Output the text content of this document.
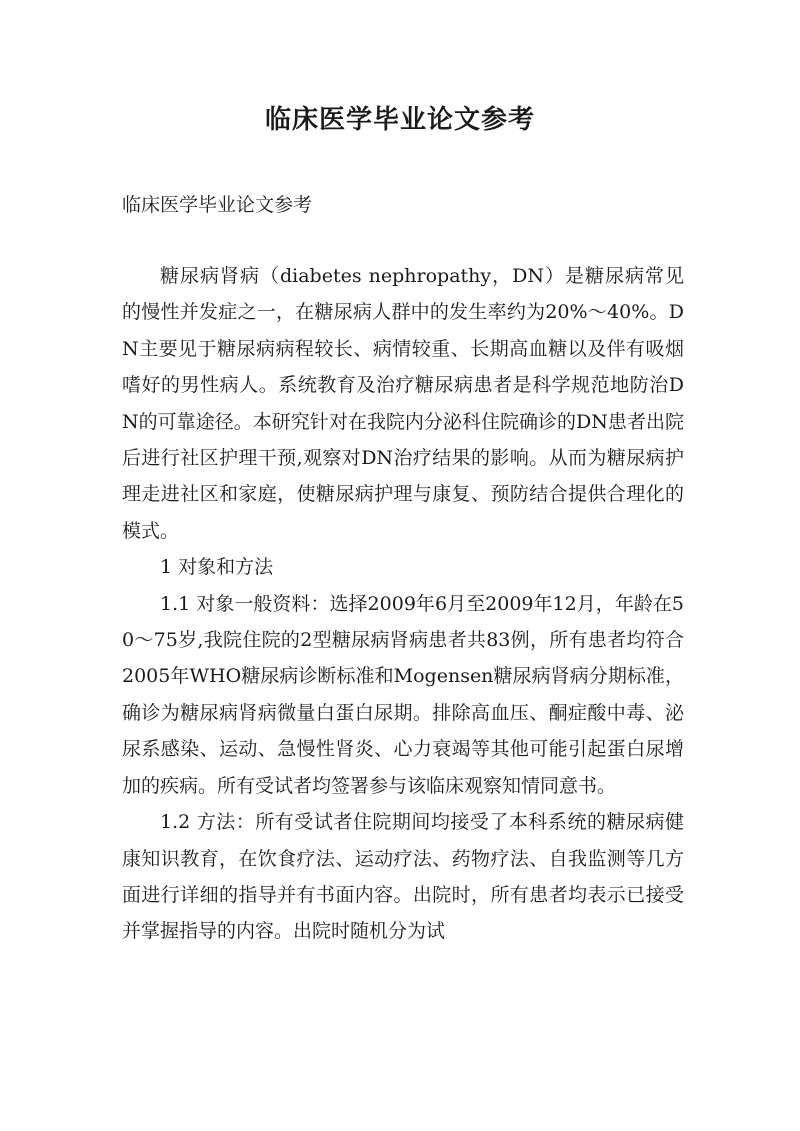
临床医学毕业论文参考

临床医学毕业论文参考

糖尿病肾病（diabetes nephropathy，DN）是糖尿病常见的慢性并发症之一，在糖尿病人群中的发生率约为20%～40%。DN主要见于糖尿病病程较长、病情较重、长期高血糖以及伴有吸烟嗜好的男性病人。系统教育及治疗糖尿病患者是科学规范地防治DN的可靠途径。本研究针对在我院内分泌科住院确诊的DN患者出院后进行社区护理干预,观察对DN治疗结果的影响。从而为糖尿病护理走进社区和家庭，使糖尿病护理与康复、预防结合提供合理化的模式。

1 对象和方法

1.1 对象一般资料：选择2009年6月至2009年12月，年龄在50～75岁,我院住院的2型糖尿病肾病患者共83例，所有患者均符合2005年WHO糖尿病诊断标准和Mogensen糖尿病肾病分期标准，确诊为糖尿病肾病微量白蛋白尿期。排除高血压、酮症酸中毒、泌尿系感染、运动、急慢性肾炎、心力衰竭等其他可能引起蛋白尿增加的疾病。所有受试者均签署参与该临床观察知情同意书。

1.2 方法：所有受试者住院期间均接受了本科系统的糖尿病健康知识教育，在饮食疗法、运动疗法、药物疗法、自我监测等几方面进行详细的指导并有书面内容。出院时，所有患者均表示已接受并掌握指导的内容。出院时随机分为试
